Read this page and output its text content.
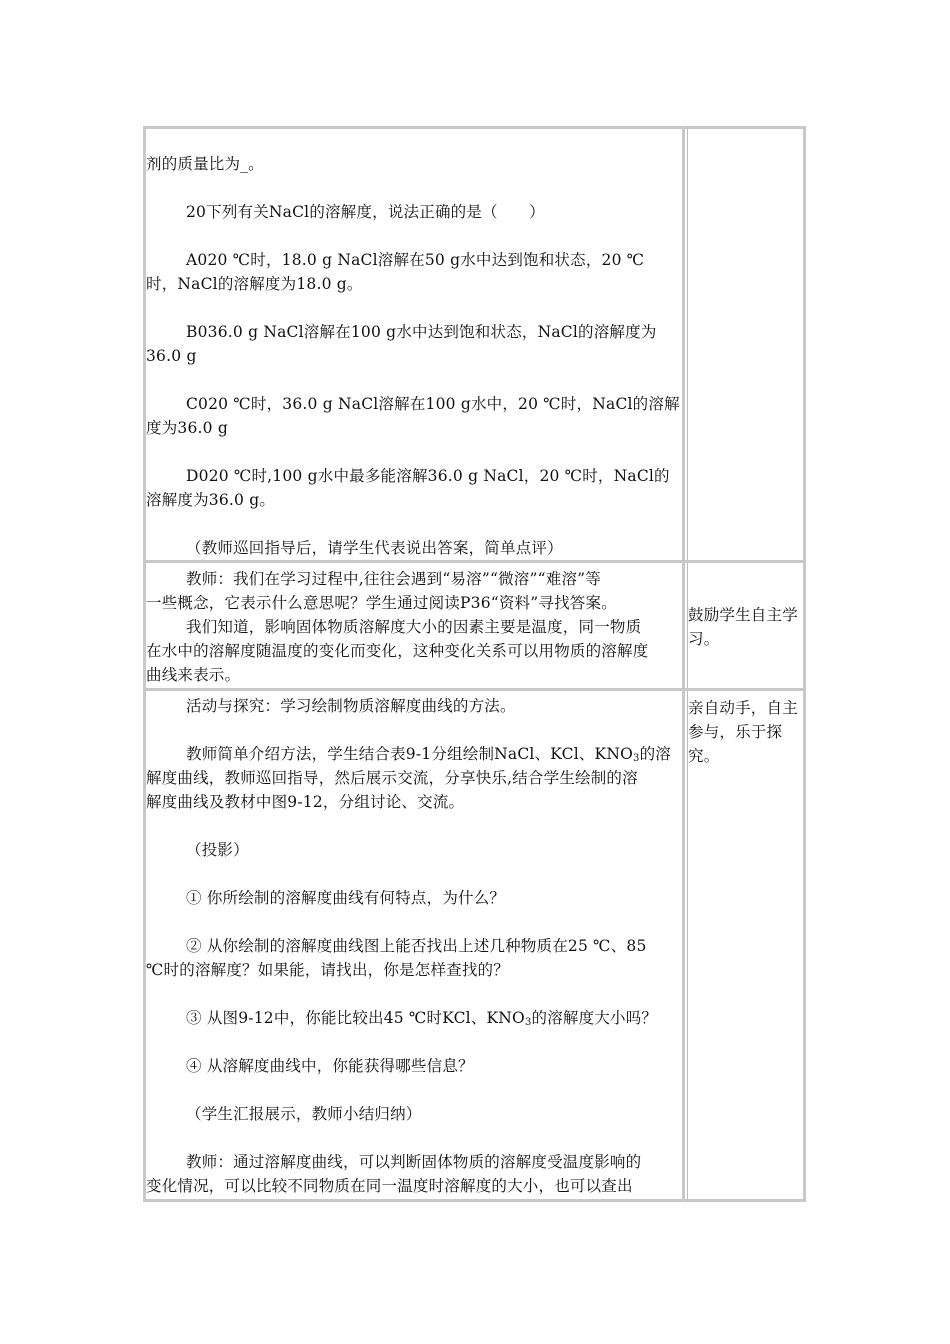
剂的质量比为_。
20下列有关NaCl的溶解度，说法正确的是（　　）
A020 ℃时，18.0 g NaCl溶解在50 g水中达到饱和状态，20 ℃
时，NaCl的溶解度为18.0 g。
B036.0 g NaCl溶解在100 g水中达到饱和状态，NaCl的溶解度为
36.0 g
C020 ℃时，36.0 g NaCl溶解在100 g水中，20 ℃时，NaCl的溶解
度为36.0 g
D020 ℃时,100 g水中最多能溶解36.0 g NaCl，20 ℃时，NaCl的
溶解度为36.0 g。
（教师巡回指导后，请学生代表说出答案，简单点评）
教师：我们在学习过程中,往往会遇到“易溶”“微溶”“难溶”等
一些概念，它表示什么意思呢？学生通过阅读P36“资料”寻找答案。
我们知道，影响固体物质溶解度大小的因素主要是温度，同一物质
在水中的溶解度随温度的变化而变化，这种变化关系可以用物质的溶解度
曲线来表示。
鼓励学生自主学
习。
活动与探究：学习绘制物质溶解度曲线的方法。
教师简单介绍方法，学生结合表9-1分组绘制NaCl、KCl、$KNO_3$的溶
解度曲线，教师巡回指导，然后展示交流，分享快乐,结合学生绘制的溶
解度曲线及教材中图9-12，分组讨论、交流。
（投影）
① 你所绘制的溶解度曲线有何特点，为什么？
② 从你绘制的溶解度曲线图上能否找出上述几种物质在25 ℃、85
℃时的溶解度？如果能，请找出，你是怎样查找的？
③ 从图9-12中，你能比较出45 ℃时KCl、$KNO_3$的溶解度大小吗？
④ 从溶解度曲线中，你能获得哪些信息？
（学生汇报展示，教师小结归纳）
教师：通过溶解度曲线，可以判断固体物质的溶解度受温度影响的
变化情况，可以比较不同物质在同一温度时溶解度的大小，也可以查出
亲自动手，自主
参与，乐于探
究。
